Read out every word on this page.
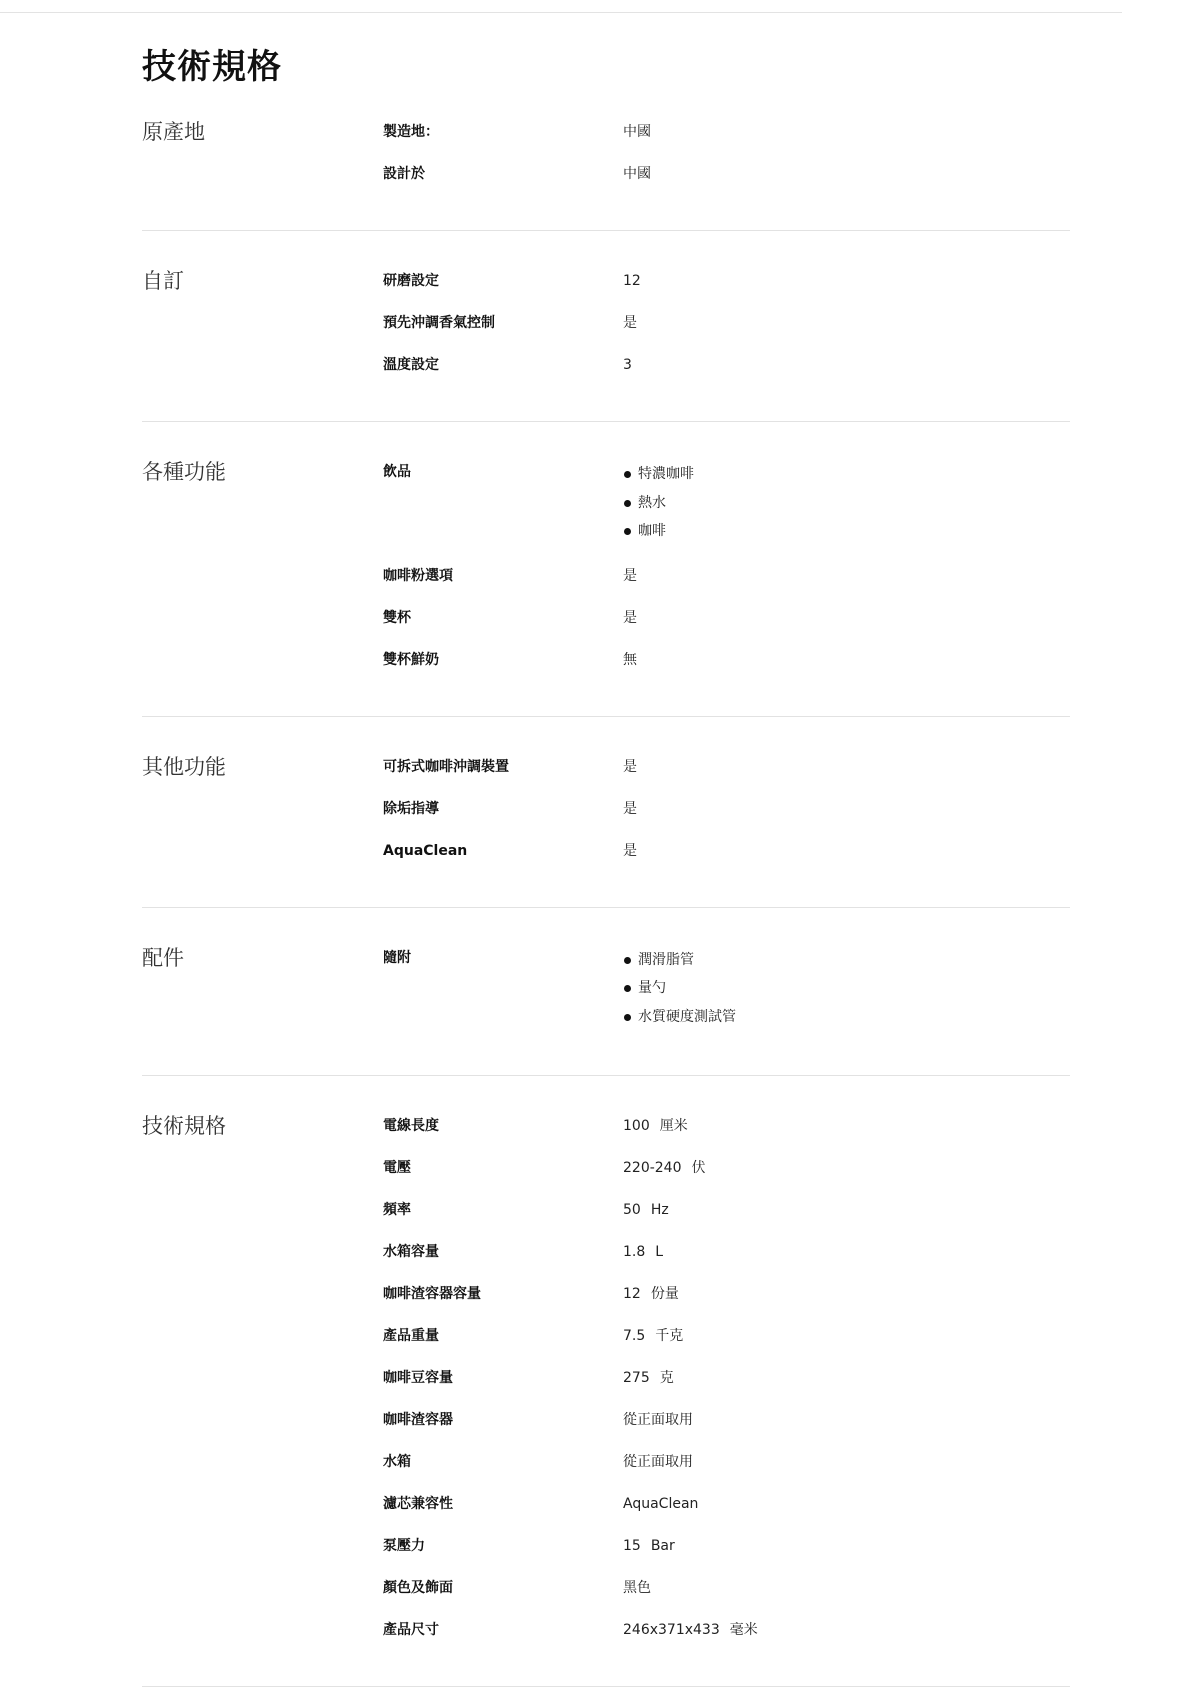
技術規格
原產地	製造地：	中國
設計於	中國
自訂	研磨設定	12
預先沖調香氣控制	是
溫度設定	3
各種功能	飲品	特濃咖啡
熱水
咖啡
咖啡粉選項	是
雙杯	是
雙杯鮮奶	無
其他功能	可拆式咖啡沖調裝置	是
除垢指導	是
AquaClean	是
配件	隨附	潤滑脂管
量勺
水質硬度測試管
技術規格	電線長度	100 厘米
電壓	220-240 伏
頻率	50 Hz
水箱容量	1.8 L
咖啡渣容器容量	12 份量
產品重量	7.5 千克
咖啡豆容量	275 克
咖啡渣容器	從正面取用
水箱	從正面取用
濾芯兼容性	AquaClean
泵壓力	15 Bar
顏色及飾面	黑色
產品尺寸	246x371x433 毫米
